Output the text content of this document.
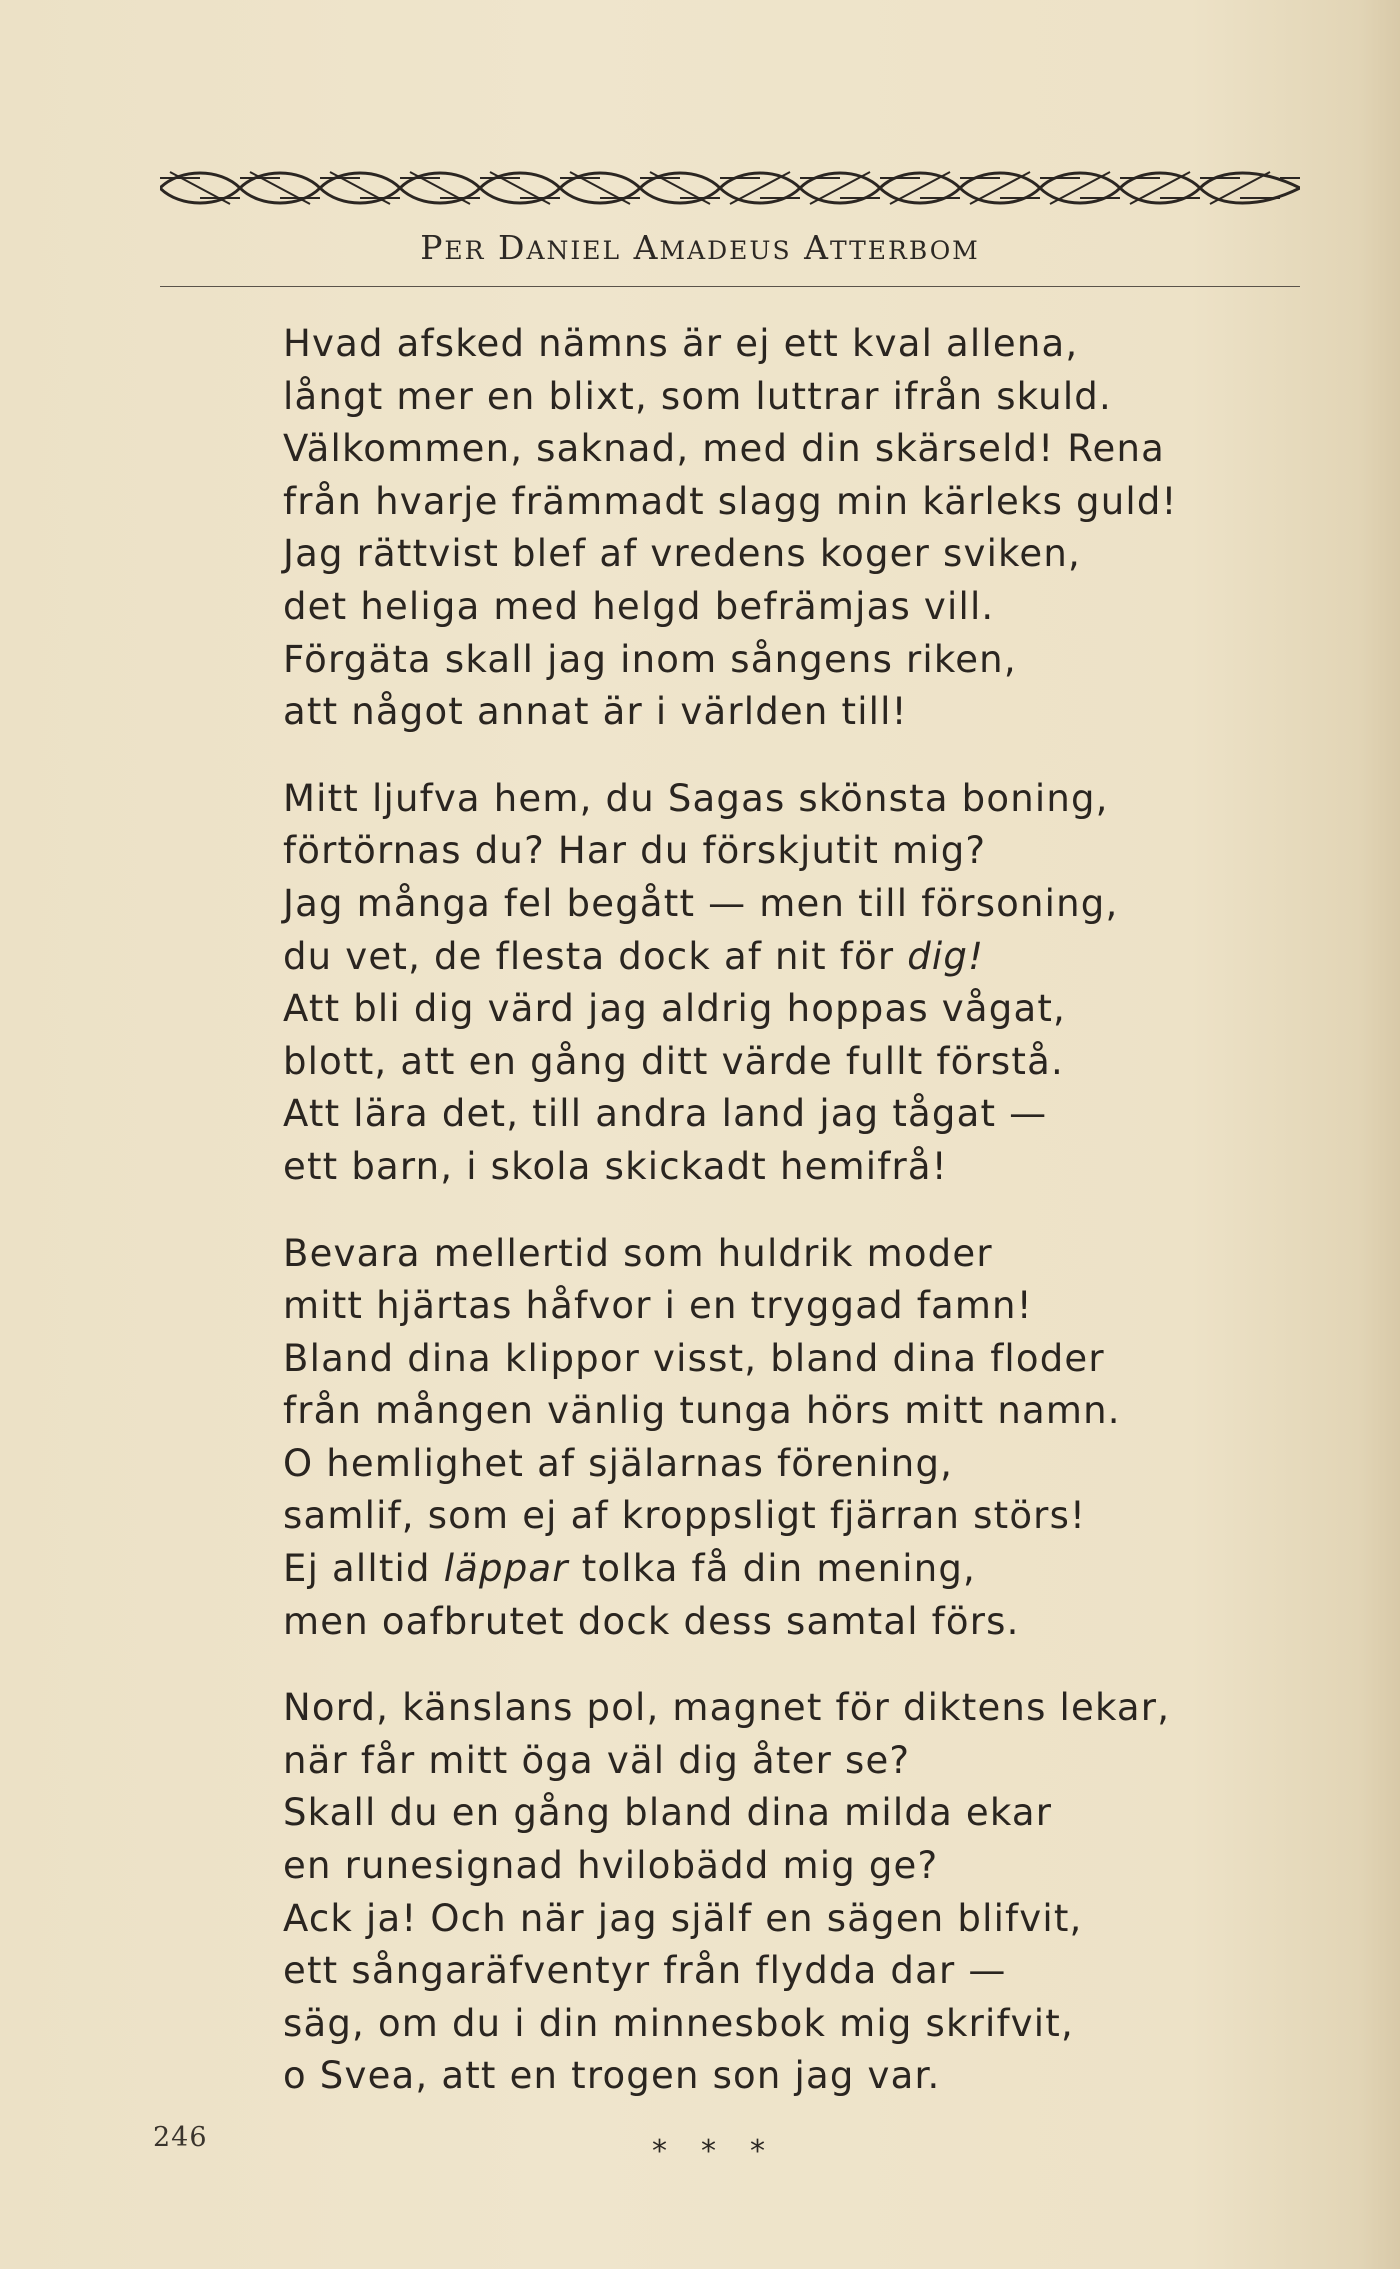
PER DANIEL AMADEUS ATTERBOM
Hvad afsked nämns är ej ett kval allena,
långt mer en blixt, som luttrar ifrån skuld.
Välkommen, saknad, med din skärseld! Rena
från hvarje främmadt slagg min kärleks guld!
Jag rättvist blef af vredens koger sviken,
det heliga med helgd befrämjas vill.
Förgäta skall jag inom sångens riken,
att något annat är i världen till!
Mitt ljufva hem, du Sagas skönsta boning,
förtörnas du? Har du förskjutit mig?
Jag många fel begått — men till försoning,
du vet, de flesta dock af nit för dig!
Att bli dig värd jag aldrig hoppas vågat,
blott, att en gång ditt värde fullt förstå.
Att lära det, till andra land jag tågat —
ett barn, i skola skickadt hemifrå!
Bevara mellertid som huldrik moder
mitt hjärtas håfvor i en tryggad famn!
Bland dina klippor visst, bland dina floder
från mången vänlig tunga hörs mitt namn.
O hemlighet af själarnas förening,
samlif, som ej af kroppsligt fjärran störs!
Ej alltid läppar tolka få din mening,
men oafbrutet dock dess samtal förs.
Nord, känslans pol, magnet för diktens lekar,
när får mitt öga väl dig åter se?
Skall du en gång bland dina milda ekar
en runesignad hvilobädd mig ge?
Ack ja! Och när jag själf en sägen blifvit,
ett sångaräfventyr från flydda dar —
säg, om du i din minnesbok mig skrifvit,
o Svea, att en trogen son jag var.
246	* * *
